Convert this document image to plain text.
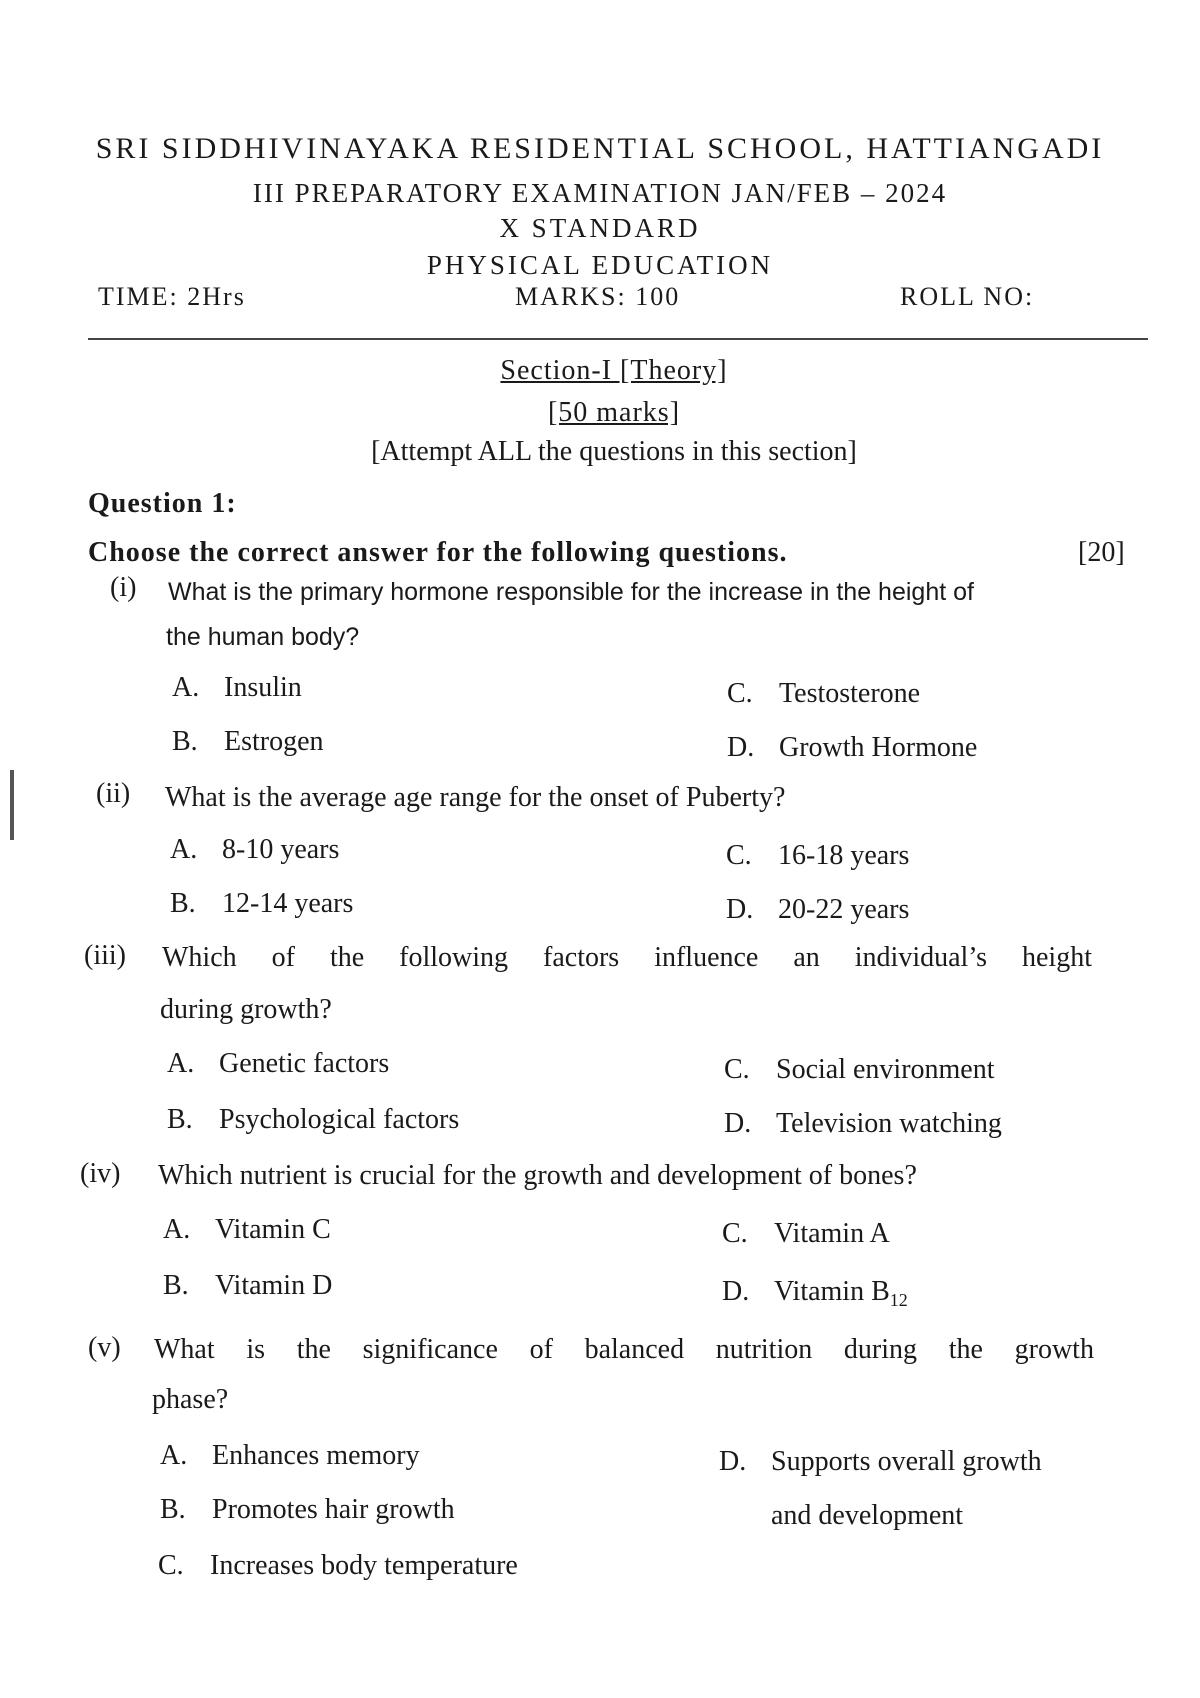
SRI SIDDHIVINAYAKA RESIDENTIAL SCHOOL, HATTIANGADI
III PREPARATORY EXAMINATION JAN/FEB – 2024
X STANDARD
PHYSICAL EDUCATION
TIME: 2Hrs	MARKS: 100	ROLL NO:
Section-I [Theory]
[50 marks]
[Attempt ALL the questions in this section]
Question 1:
Choose the correct answer for the following questions.	[20]
(i) What is the primary hormone responsible for the increase in the height of
the human body?
A. Insulin
B. Estrogen
C. Testosterone
D. Growth Hormone
(ii) What is the average age range for the onset of Puberty?
A. 8-10 years
B. 12-14 years
C. 16-18 years
D. 20-22 years
(iii) Which of the following factors influence an individual’s height
during growth?
A. Genetic factors
B. Psychological factors
C. Social environment
D. Television watching
(iv) Which nutrient is crucial for the growth and development of bones?
A. Vitamin C
B. Vitamin D
C. Vitamin A
D. Vitamin $B_{12}$
(v) What is the significance of balanced nutrition during the growth
phase?
A. Enhances memory
B. Promotes hair growth
C. Increases body temperature
D. Supports overall growth
and development
